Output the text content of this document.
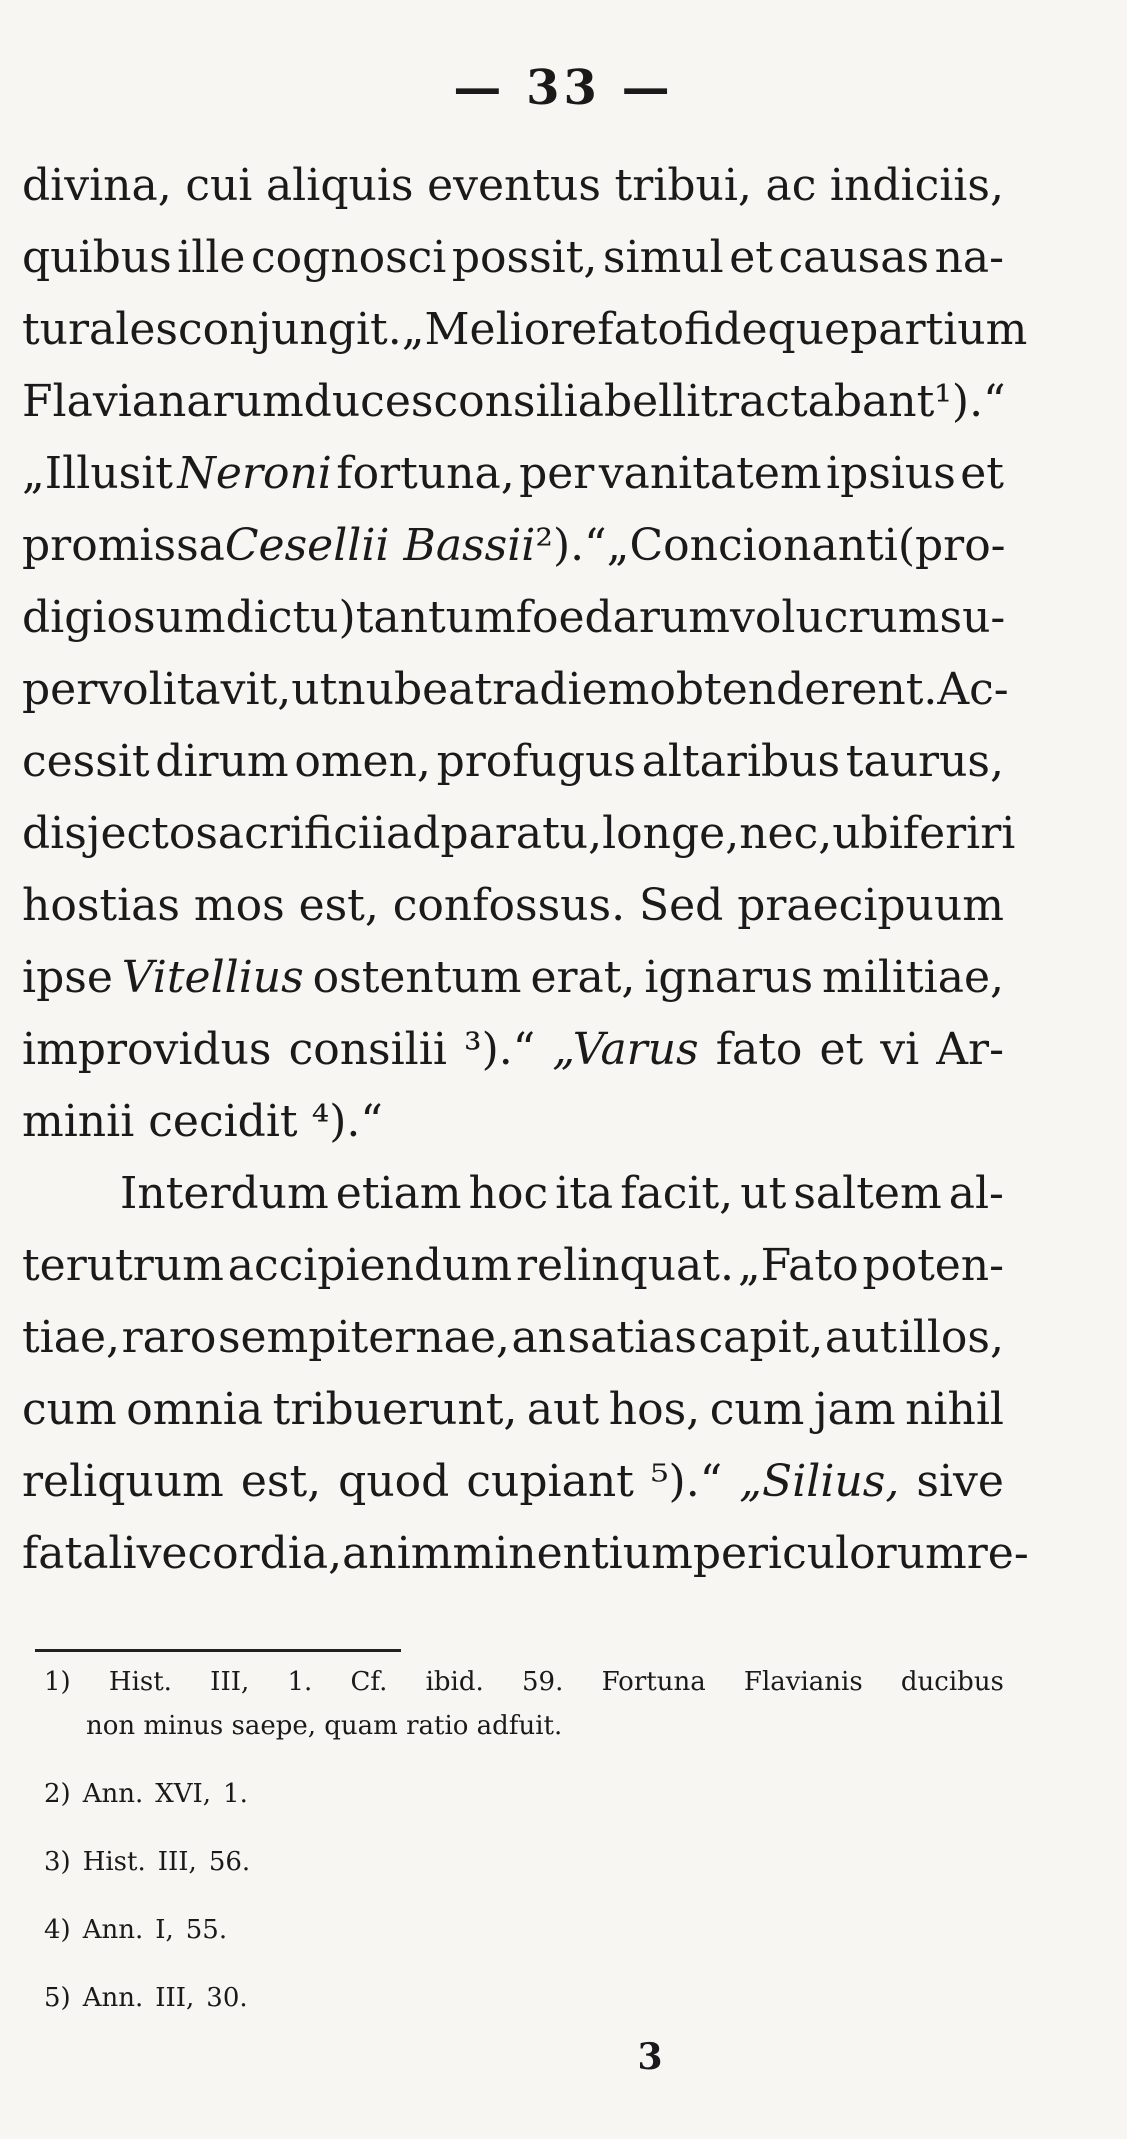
— 33 —
divina, cui aliquis eventus tribui, ac indiciis,
quibus ille cognosci possit, simul et causas na-
turales conjungit. „Meliore fato fideque partium
Flavianarum duces consilia belli tractabant ¹). “
„Illusit Neroni fortuna, per vanitatem ipsius et
promissa Cesellii Bassii ²).“ „Concionanti (pro-
digiosum dictu) tantum foedarum volucrum su-
pervolitavit, ut nube atra diem obtenderent. Ac-
cessit dirum omen, profugus altaribus taurus,
disjecto sacrificii adparatu, longe, nec, ubi feriri
hostias mos est, confossus. Sed praecipuum
ipse Vitellius ostentum erat, ignarus militiae,
improvidus consilii ³).“ „Varus fato et vi Ar-
minii cecidit ⁴).“
Interdum etiam hoc ita facit, ut saltem al-
terutrum accipiendum relinquat. „Fato poten-
tiae, raro sempiternae, an satias capit, aut illos,
cum omnia tribuerunt, aut hos, cum jam nihil
reliquum est, quod cupiant ⁵).“ „Silius, sive
fatali vecordia, an imminentium periculorum re-
1) Hist. III, 1. Cf. ibid. 59. Fortuna Flavianis ducibus
non minus saepe, quam ratio adfuit.
2) Ann. XVI, 1.
3) Hist. III, 56.
4) Ann. I, 55.
5) Ann. III, 30.
3
